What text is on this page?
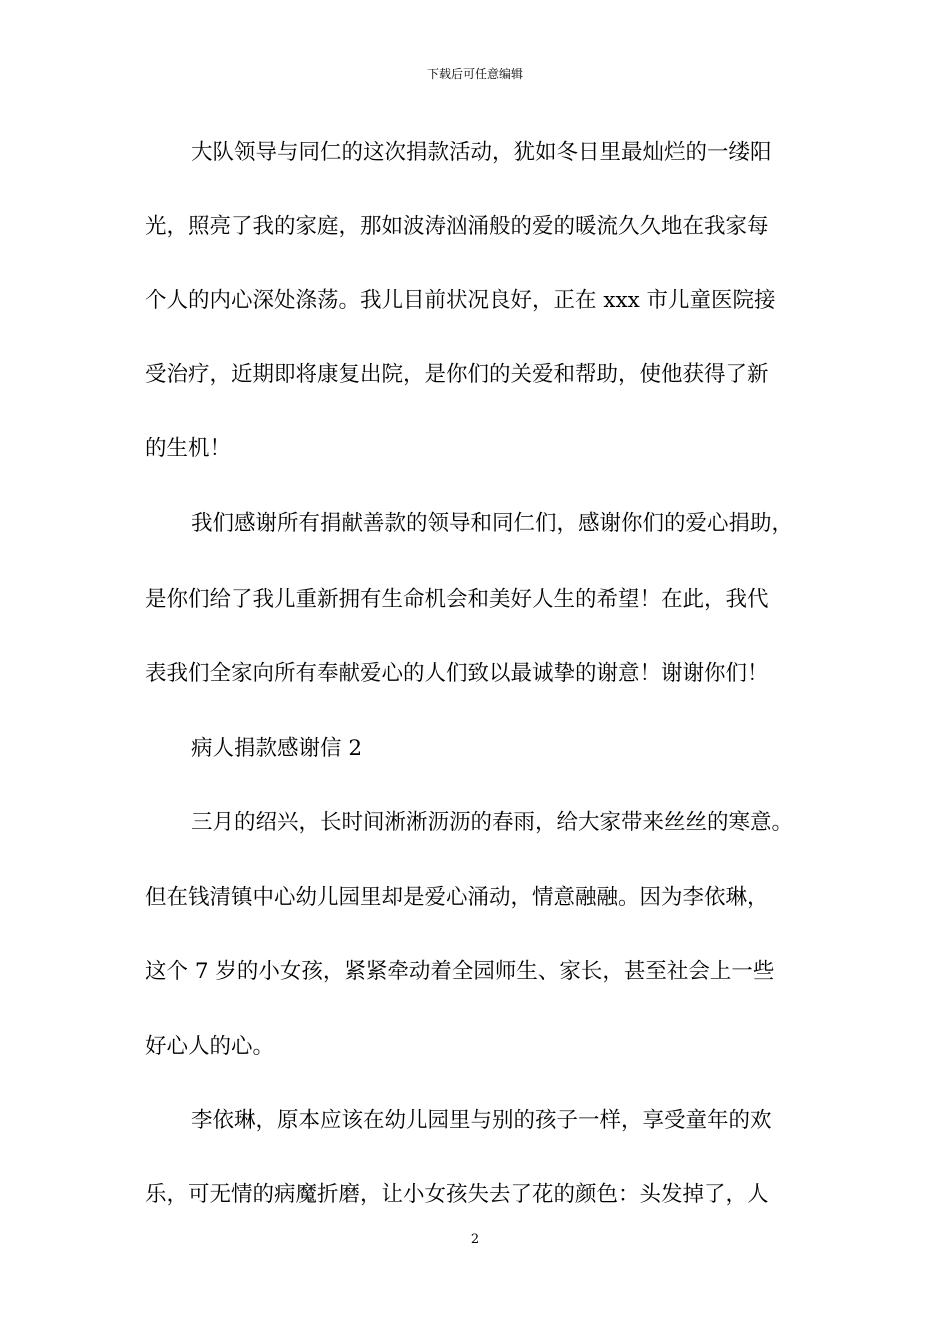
下载后可任意编辑
大队领导与同仁的这次捐款活动，犹如冬日里最灿烂的一缕阳
光，照亮了我的家庭，那如波涛汹涌般的爱的暖流久久地在我家每
个人的内心深处涤荡。我儿目前状况良好，正在 xxx 市儿童医院接
受治疗，近期即将康复出院，是你们的关爱和帮助，使他获得了新
的生机！
我们感谢所有捐献善款的领导和同仁们，感谢你们的爱心捐助，
是你们给了我儿重新拥有生命机会和美好人生的希望！在此，我代
表我们全家向所有奉献爱心的人们致以最诚挚的谢意！谢谢你们！
病人捐款感谢信 2
三月的绍兴，长时间淅淅沥沥的春雨，给大家带来丝丝的寒意。
但在钱清镇中心幼儿园里却是爱心涌动，情意融融。因为李依琳，
这个 7 岁的小女孩，紧紧牵动着全园师生、家长，甚至社会上一些
好心人的心。
李依琳，原本应该在幼儿园里与别的孩子一样，享受童年的欢
乐，可无情的病魔折磨，让小女孩失去了花的颜色：头发掉了，人
2
